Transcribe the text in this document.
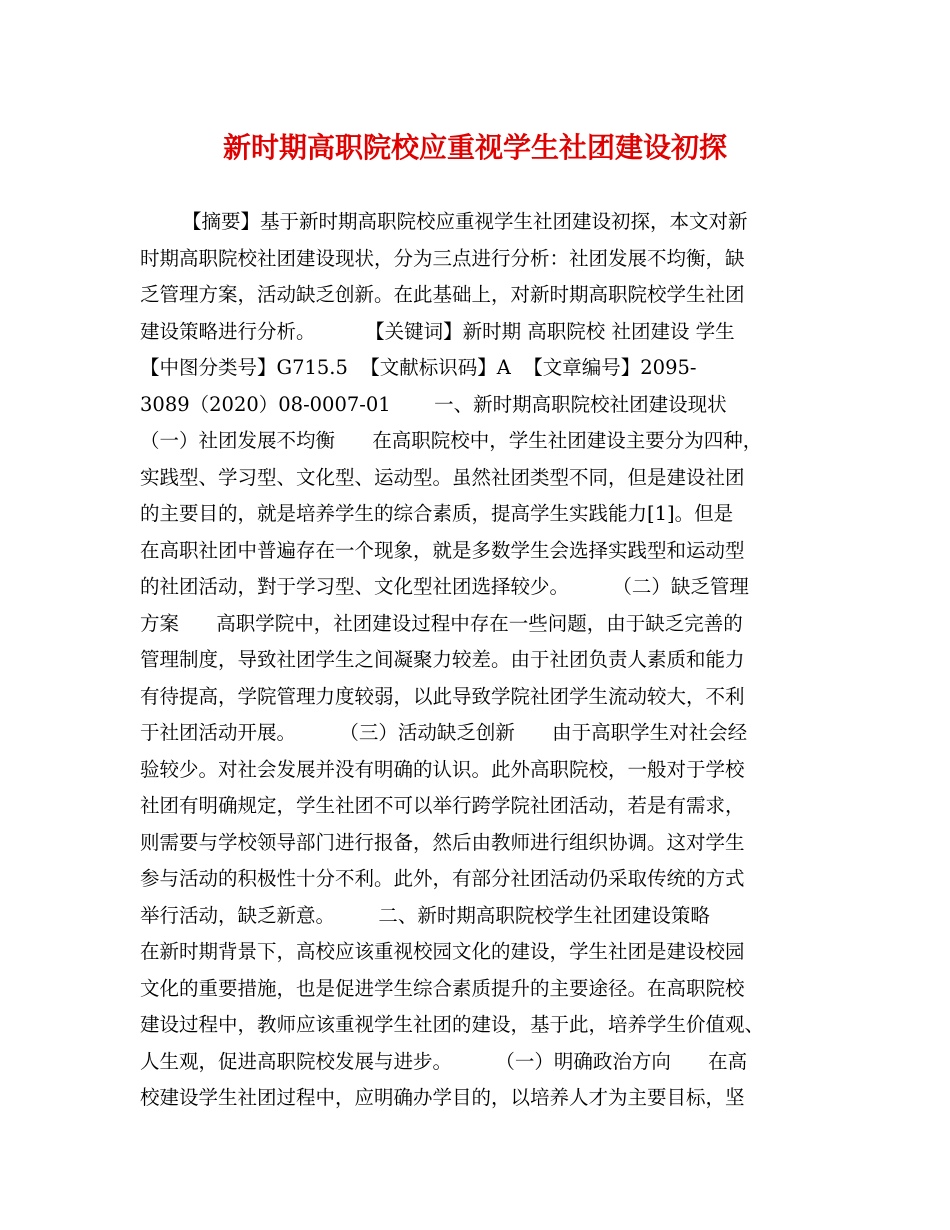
新时期高职院校应重视学生社团建设初探
【摘要】基于新时期高职院校应重视学生社团建设初探，本文对新
时期高职院校社团建设现状，分为三点进行分析：社团发展不均衡，缺
乏管理方案，活动缺乏创新。在此基础上，对新时期高职院校学生社团
建设策略进行分析。        【关键词】新时期 高职院校 社团建设 学生
【中图分类号】G715.5  【文献标识码】A  【文章编号】2095-
3089（2020）08-0007-01       一、新时期高职院校社团建设现状
（一）社团发展不均衡      在高职院校中，学生社团建设主要分为四种，
实践型、学习型、文化型、运动型。虽然社团类型不同，但是建设社团
的主要目的，就是培养学生的综合素质，提高学生实践能力[1]。但是
在高职社团中普遍存在一个现象，就是多数学生会选择实践型和运动型
的社团活动，對于学习型、文化型社团选择较少。       （二）缺乏管理
方案      高职学院中，社团建设过程中存在一些问题，由于缺乏完善的
管理制度，导致社团学生之间凝聚力较差。由于社团负责人素质和能力
有待提高，学院管理力度较弱，以此导致学院社团学生流动较大，不利
于社团活动开展。       （三）活动缺乏创新      由于高职学生对社会经
验较少。对社会发展并没有明确的认识。此外高职院校，一般对于学校
社团有明确规定，学生社团不可以举行跨学院社团活动，若是有需求，
则需要与学校领导部门进行报备，然后由教师进行组织协调。这对学生
参与活动的积极性十分不利。此外，有部分社团活动仍采取传统的方式
举行活动，缺乏新意。       二、新时期高职院校学生社团建设策略
在新时期背景下，高校应该重视校园文化的建设，学生社团是建设校园
文化的重要措施，也是促进学生综合素质提升的主要途径。在高职院校
建设过程中，教师应该重视学生社团的建设，基于此，培养学生价值观、
人生观，促进高职院校发展与进步。       （一）明确政治方向      在高
校建设学生社团过程中，应明确办学目的，以培养人才为主要目标，坚
